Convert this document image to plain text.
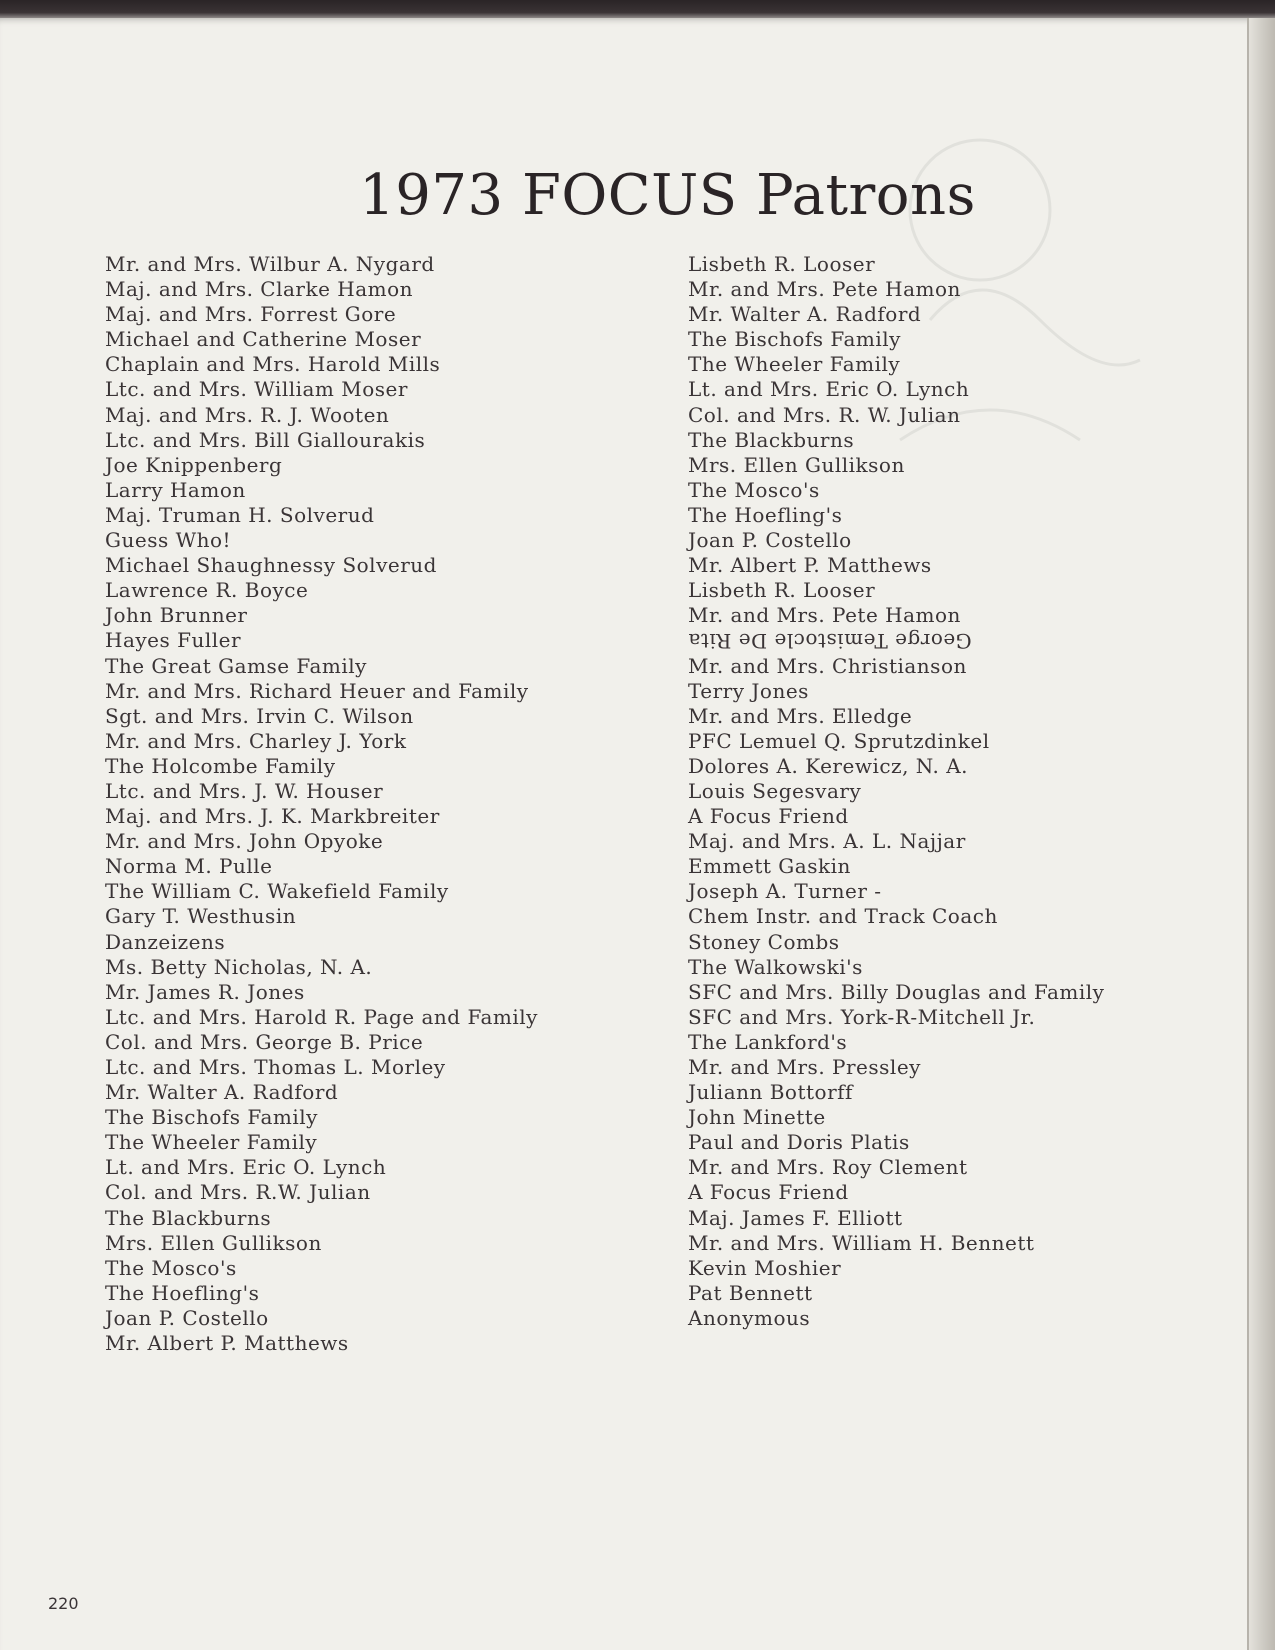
1973 FOCUS Patrons
Mr. and Mrs. Wilbur A. Nygard
Maj. and Mrs. Clarke Hamon
Maj. and Mrs. Forrest Gore
Michael and Catherine Moser
Chaplain and Mrs. Harold Mills
Ltc. and Mrs. William Moser
Maj. and Mrs. R. J. Wooten
Ltc. and Mrs. Bill Giallourakis
Joe Knippenberg
Larry Hamon
Maj. Truman H. Solverud
Guess Who!
Michael Shaughnessy Solverud
Lawrence R. Boyce
John Brunner
Hayes Fuller
The Great Gamse Family
Mr. and Mrs. Richard Heuer and Family
Sgt. and Mrs. Irvin C. Wilson
Mr. and Mrs. Charley J. York
The Holcombe Family
Ltc. and Mrs. J. W. Houser
Maj. and Mrs. J. K. Markbreiter
Mr. and Mrs. John Opyoke
Norma M. Pulle
The William C. Wakefield Family
Gary T. Westhusin
Danzeizens
Ms. Betty Nicholas, N. A.
Mr. James R. Jones
Ltc. and Mrs. Harold R. Page and Family
Col. and Mrs. George B. Price
Ltc. and Mrs. Thomas L. Morley
Mr. Walter A. Radford
The Bischofs Family
The Wheeler Family
Lt. and Mrs. Eric O. Lynch
Col. and Mrs. R.W. Julian
The Blackburns
Mrs. Ellen Gullikson
The Mosco's
The Hoefling's
Joan P. Costello
Mr. Albert P. Matthews
Lisbeth R. Looser
Mr. and Mrs. Pete Hamon
Mr. Walter A. Radford
The Bischofs Family
The Wheeler Family
Lt. and Mrs. Eric O. Lynch
Col. and Mrs. R. W. Julian
The Blackburns
Mrs. Ellen Gullikson
The Mosco's
The Hoefling's
Joan P. Costello
Mr. Albert P. Matthews
Lisbeth R. Looser
Mr. and Mrs. Pete Hamon
George Temistocle De Rita
Mr. and Mrs. Christianson
Terry Jones
Mr. and Mrs. Elledge
PFC Lemuel Q. Sprutzdinkel
Dolores A. Kerewicz, N. A.
Louis Segesvary
A Focus Friend
Maj. and Mrs. A. L. Najjar
Emmett Gaskin
Joseph A. Turner -
Chem Instr. and Track Coach
Stoney Combs
The Walkowski's
SFC and Mrs. Billy Douglas and Family
SFC and Mrs. York-R-Mitchell Jr.
The Lankford's
Mr. and Mrs. Pressley
Juliann Bottorff
John Minette
Paul and Doris Platis
Mr. and Mrs. Roy Clement
A Focus Friend
Maj. James F. Elliott
Mr. and Mrs. William H. Bennett
Kevin Moshier
Pat Bennett
Anonymous
220
